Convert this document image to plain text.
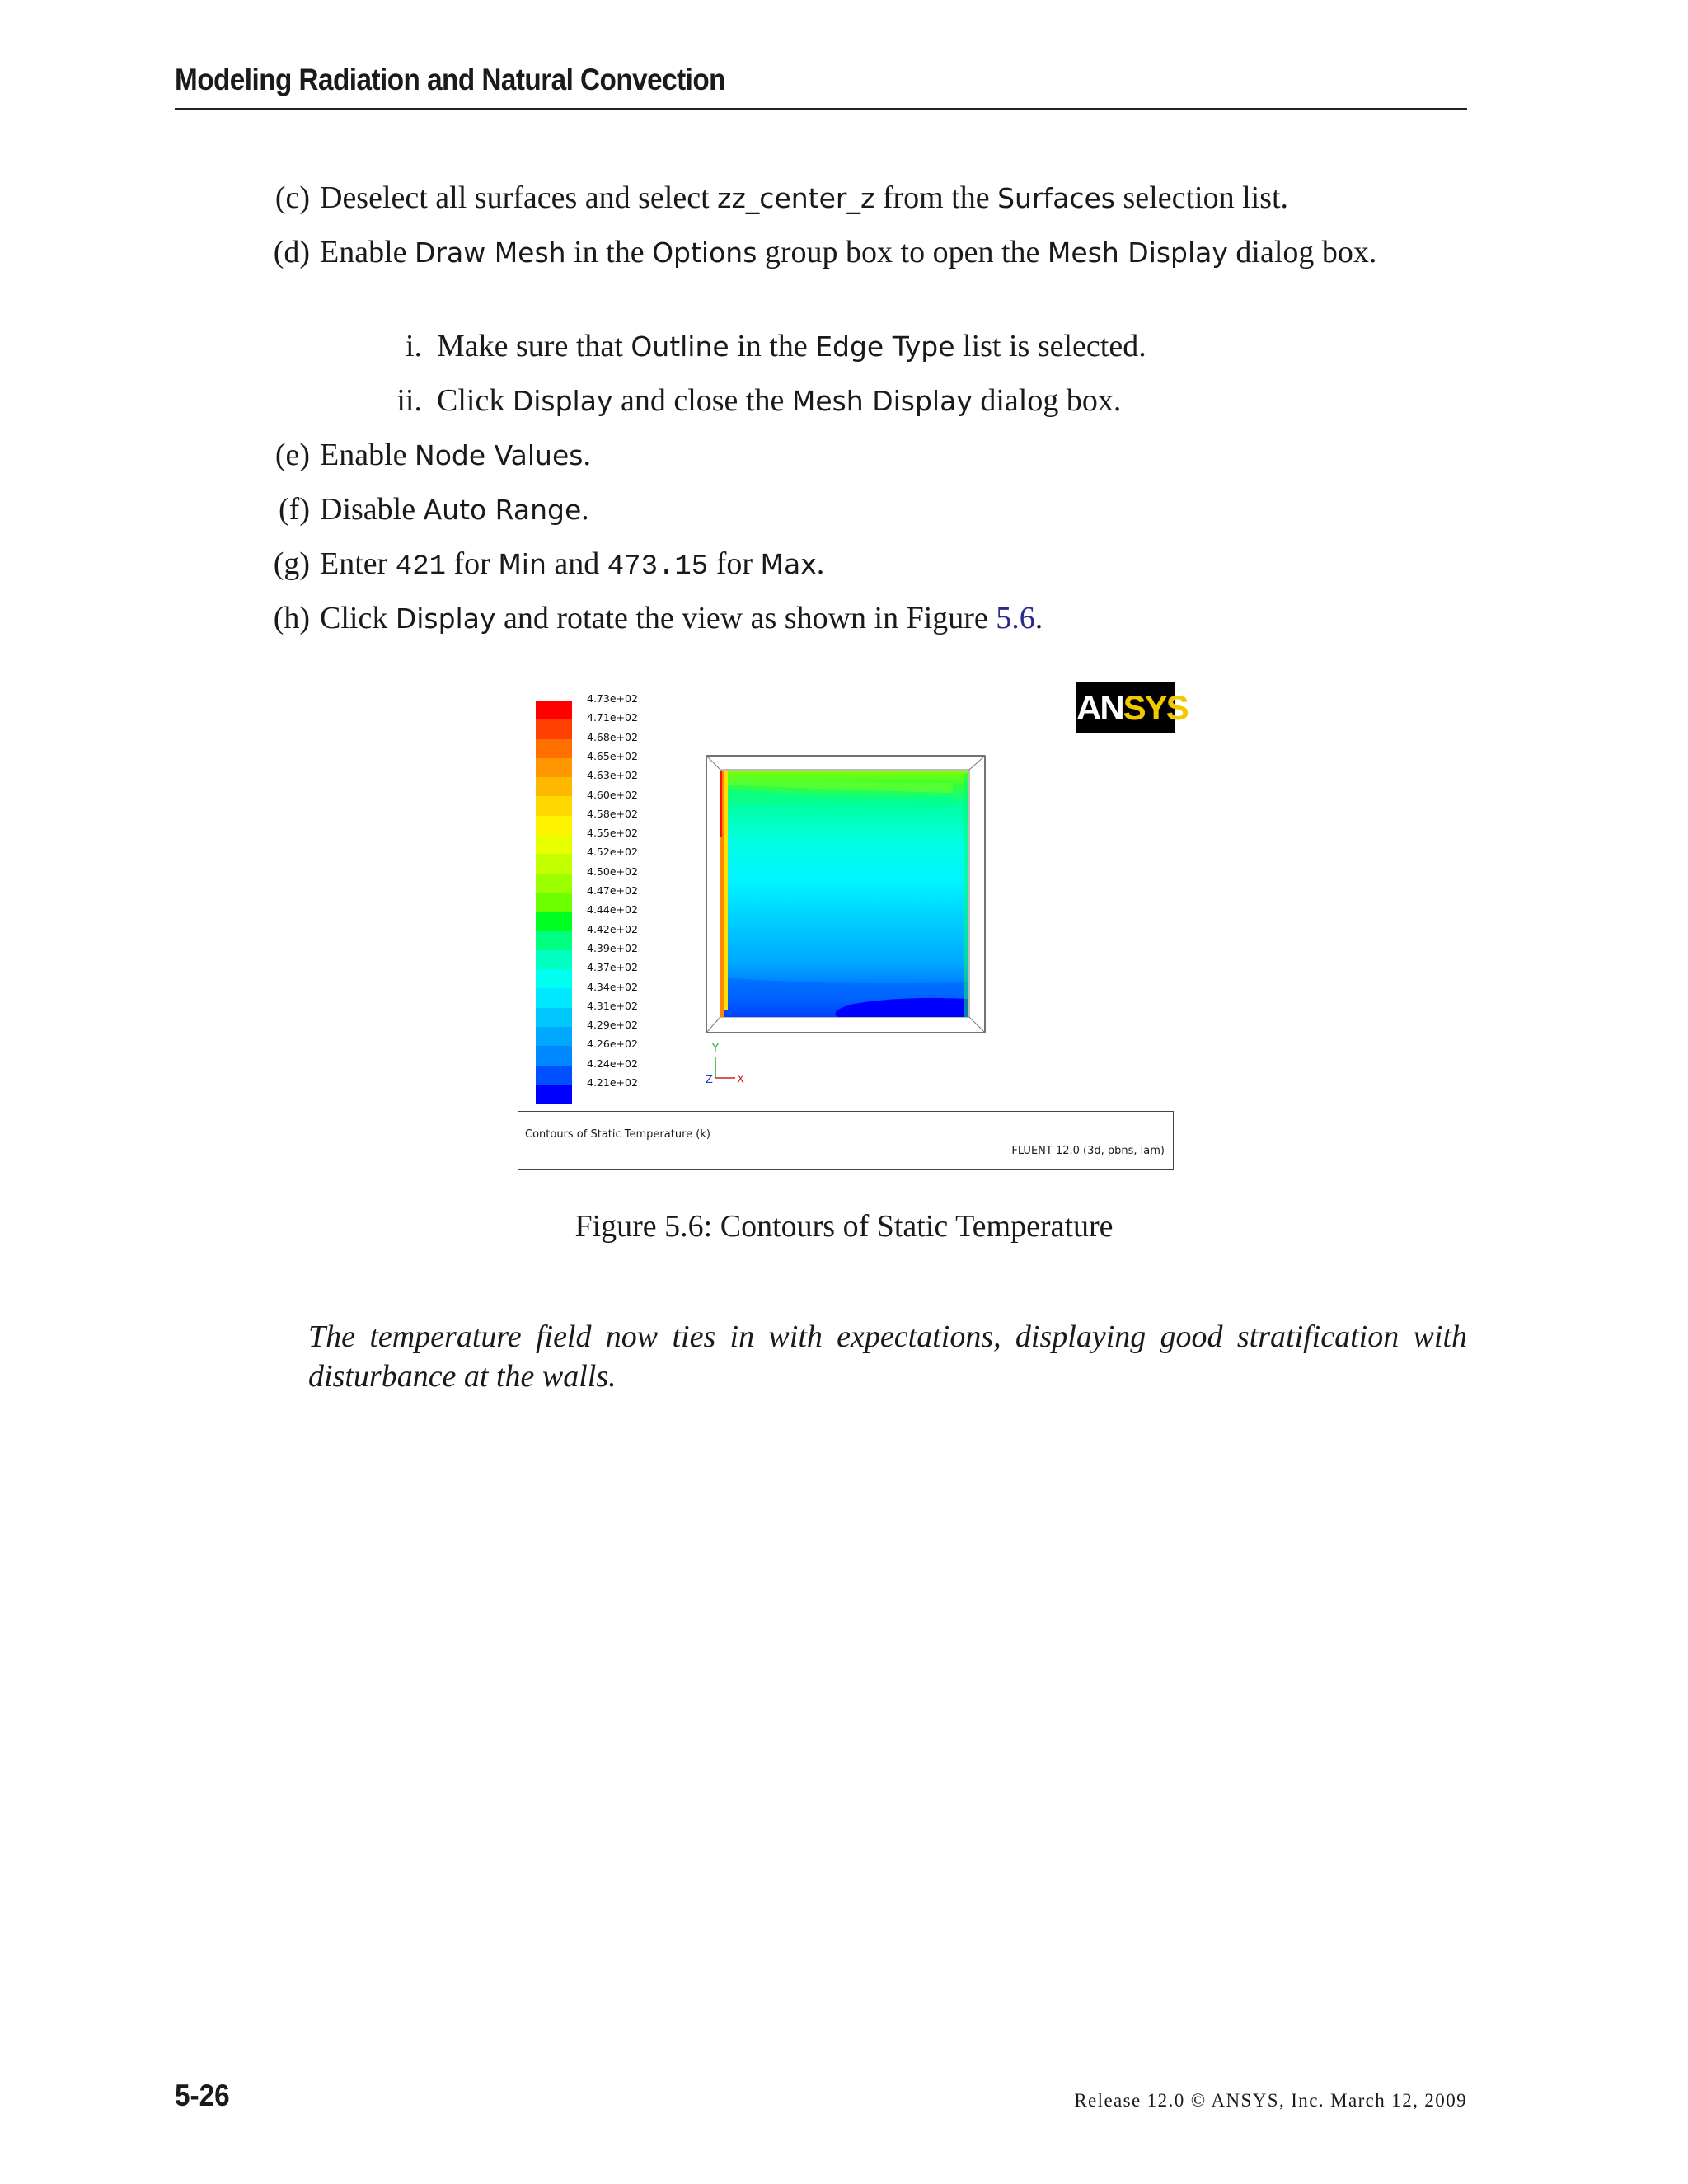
Modeling Radiation and Natural Convection
(c) Deselect all surfaces and select zz_center_z from the Surfaces selection list.
(d) Enable Draw Mesh in the Options group box to open the Mesh Display dialog box.
i. Make sure that Outline in the Edge Type list is selected.
ii. Click Display and close the Mesh Display dialog box.
(e) Enable Node Values.
(f) Disable Auto Range.
(g) Enter 421 for Min and 473.15 for Max.
(h) Click Display and rotate the view as shown in Figure 5.6.
4.73e+02
4.71e+02
4.68e+02
4.65e+02
4.63e+02
4.60e+02
4.58e+02
4.55e+02
4.52e+02
4.50e+02
4.47e+02
4.44e+02
4.42e+02
4.39e+02
4.37e+02
4.34e+02
4.31e+02
4.29e+02
4.26e+02
4.24e+02
4.21e+02
ANSYS
Y
Z X
Contours of Static Temperature (k)
FLUENT 12.0 (3d, pbns, lam)
Figure 5.6: Contours of Static Temperature
The temperature field now ties in with expectations, displaying good stratification with disturbance at the walls.
5-26	Release 12.0 © ANSYS, Inc. March 12, 2009
